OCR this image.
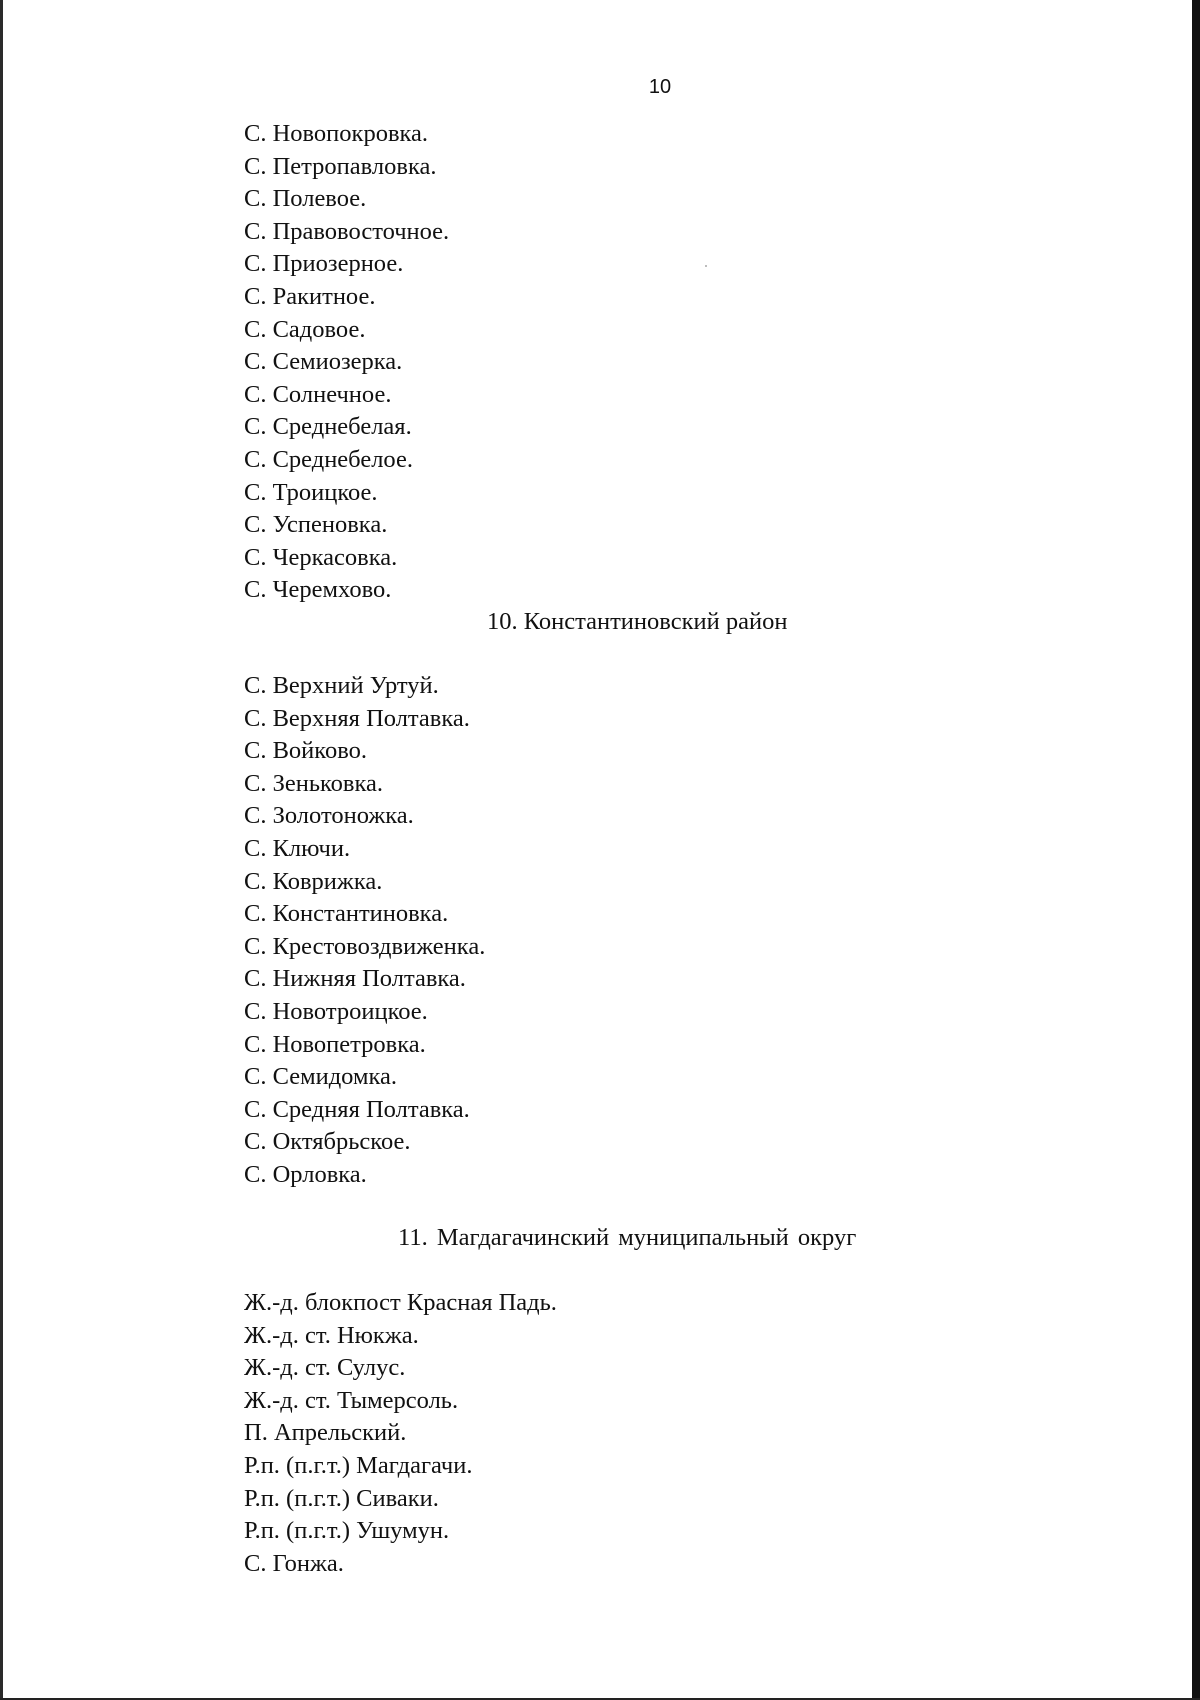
10
С. Новопокровка.
С. Петропавловка.
С. Полевое.
С. Правовосточное.
С. Приозерное.
С. Ракитное.
С. Садовое.
С. Семиозерка.
С. Солнечное.
С. Среднебелая.
С. Среднебелое.
С. Троицкое.
С. Успеновка.
С. Черкасовка.
С. Черемхово.
10. Константиновский район
С. Верхний Уртуй.
С. Верхняя Полтавка.
С. Войково.
С. Зеньковка.
С. Золотоножка.
С. Ключи.
С. Коврижка.
С. Константиновка.
С. Крестовоздвиженка.
С. Нижняя Полтавка.
С. Новотроицкое.
С. Новопетровка.
С. Семидомка.
С. Средняя Полтавка.
С. Октябрьское.
С. Орловка.
11. Магдагачинский муниципальный округ
Ж.-д. блокпост Красная Падь.
Ж.-д. ст. Нюкжа.
Ж.-д. ст. Сулус.
Ж.-д. ст. Тымерсоль.
П. Апрельский.
Р.п. (п.г.т.) Магдагачи.
Р.п. (п.г.т.) Сиваки.
Р.п. (п.г.т.) Ушумун.
С. Гонжа.
